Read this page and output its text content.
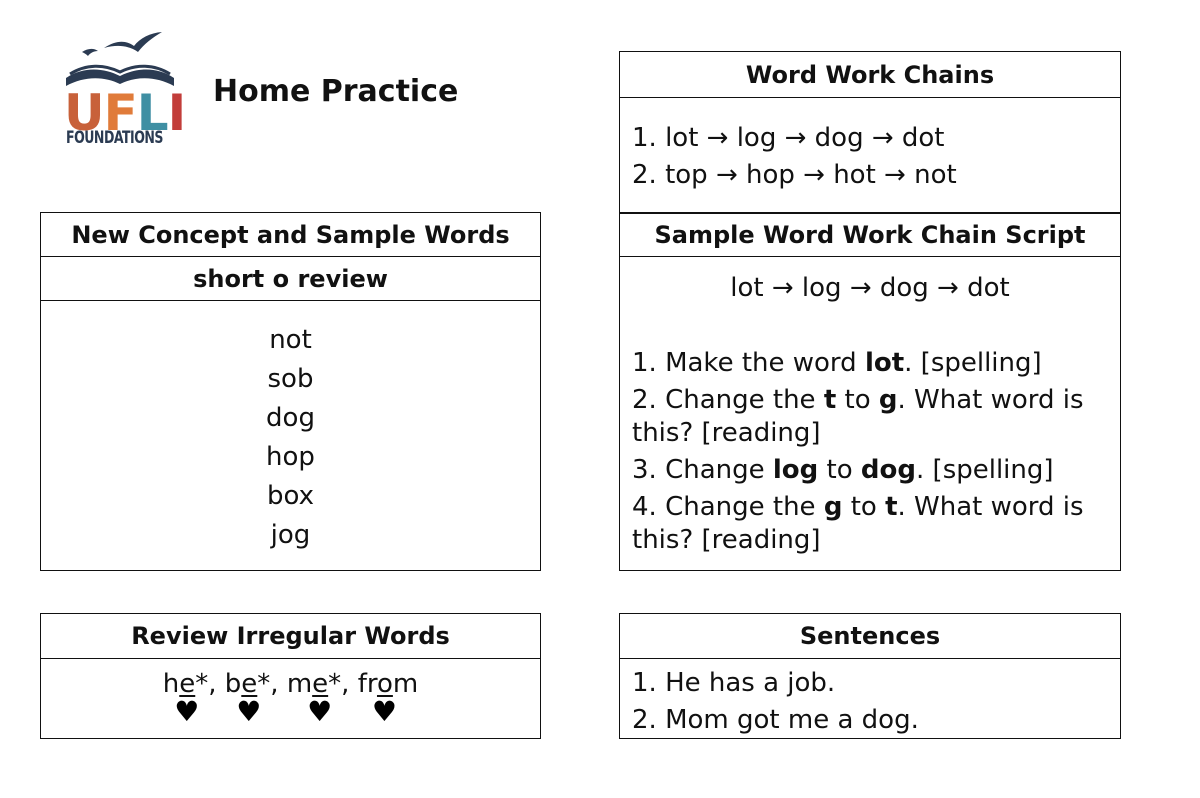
U F L I
FOUNDATIONS
Home Practice
New Concept and Sample Words
short o review
not
sob
dog
hop
box
jog
Review Irregular Words
he*, be*, me*, from
♥ ♥ ♥ ♥
Word Work Chains
1. lot → log → dog → dot
2. top → hop → hot → not
Sample Word Work Chain Script
lot → log → dog → dot
1. Make the word lot. [spelling]
2. Change the t to g. What word is this? [reading]
3. Change log to dog. [spelling]
4. Change the g to t. What word is this? [reading]
Sentences
1. He has a job.
2. Mom got me a dog.
